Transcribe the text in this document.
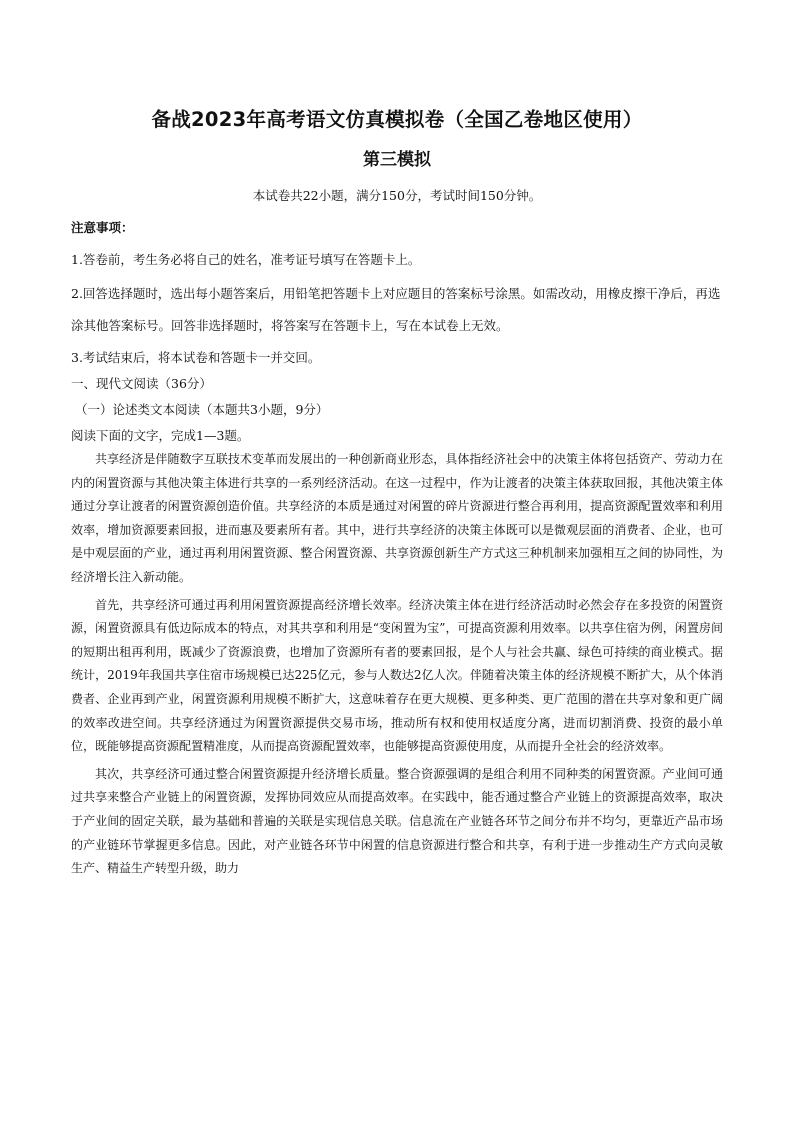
备战2023年高考语文仿真模拟卷（全国乙卷地区使用）
第三模拟
本试卷共22小题，满分150分，考试时间150分钟。

注意事项：

1.答卷前，考生务必将自己的姓名，准考证号填写在答题卡上。

2.回答选择题时，选出每小题答案后，用铅笔把答题卡上对应题目的答案标号涂黑。如需改动，用橡皮擦干净后，再选涂其他答案标号。回答非选择题时，将答案写在答题卡上，写在本试卷上无效。

3.考试结束后，将本试卷和答题卡一并交回。

一、现代文阅读（36分）

（一）论述类文本阅读（本题共3小题，9分）

阅读下面的文字，完成1—3题。

共享经济是伴随数字互联技术变革而发展出的一种创新商业形态，具体指经济社会中的决策主体将包括资产、劳动力在内的闲置资源与其他决策主体进行共享的一系列经济活动。在这一过程中，作为让渡者的决策主体获取回报，其他决策主体通过分享让渡者的闲置资源创造价值。共享经济的本质是通过对闲置的碎片资源进行整合再利用，提高资源配置效率和利用效率，增加资源要素回报，进而惠及要素所有者。其中，进行共享经济的决策主体既可以是微观层面的消费者、企业，也可是中观层面的产业，通过再利用闲置资源、整合闲置资源、共享资源创新生产方式这三种机制来加强相互之间的协同性，为经济增长注入新动能。

首先，共享经济可通过再利用闲置资源提高经济增长效率。经济决策主体在进行经济活动时必然会存在多投资的闲置资源，闲置资源具有低边际成本的特点，对其共享和利用是“变闲置为宝”，可提高资源利用效率。以共享住宿为例，闲置房间的短期出租再利用，既减少了资源浪费，也增加了资源所有者的要素回报，是个人与社会共赢、绿色可持续的商业模式。据统计，2019年我国共享住宿市场规模已达225亿元，参与人数达2亿人次。伴随着决策主体的经济规模不断扩大，从个体消费者、企业再到产业，闲置资源利用规模不断扩大，这意味着存在更大规模、更多种类、更广范围的潜在共享对象和更广阔的效率改进空间。共享经济通过为闲置资源提供交易市场，推动所有权和使用权适度分离，进而切割消费、投资的最小单位，既能够提高资源配置精准度，从而提高资源配置效率，也能够提高资源使用度，从而提升全社会的经济效率。

其次，共享经济可通过整合闲置资源提升经济增长质量。整合资源强调的是组合利用不同种类的闲置资源。产业间可通过共享来整合产业链上的闲置资源，发挥协同效应从而提高效率。在实践中，能否通过整合产业链上的资源提高效率，取决于产业间的固定关联，最为基础和普遍的关联是实现信息关联。信息流在产业链各环节之间分布并不均匀，更靠近产品市场的产业链环节掌握更多信息。因此，对产业链各环节中闲置的信息资源进行整合和共享，有利于进一步推动生产方式向灵敏生产、精益生产转型升级，助力
